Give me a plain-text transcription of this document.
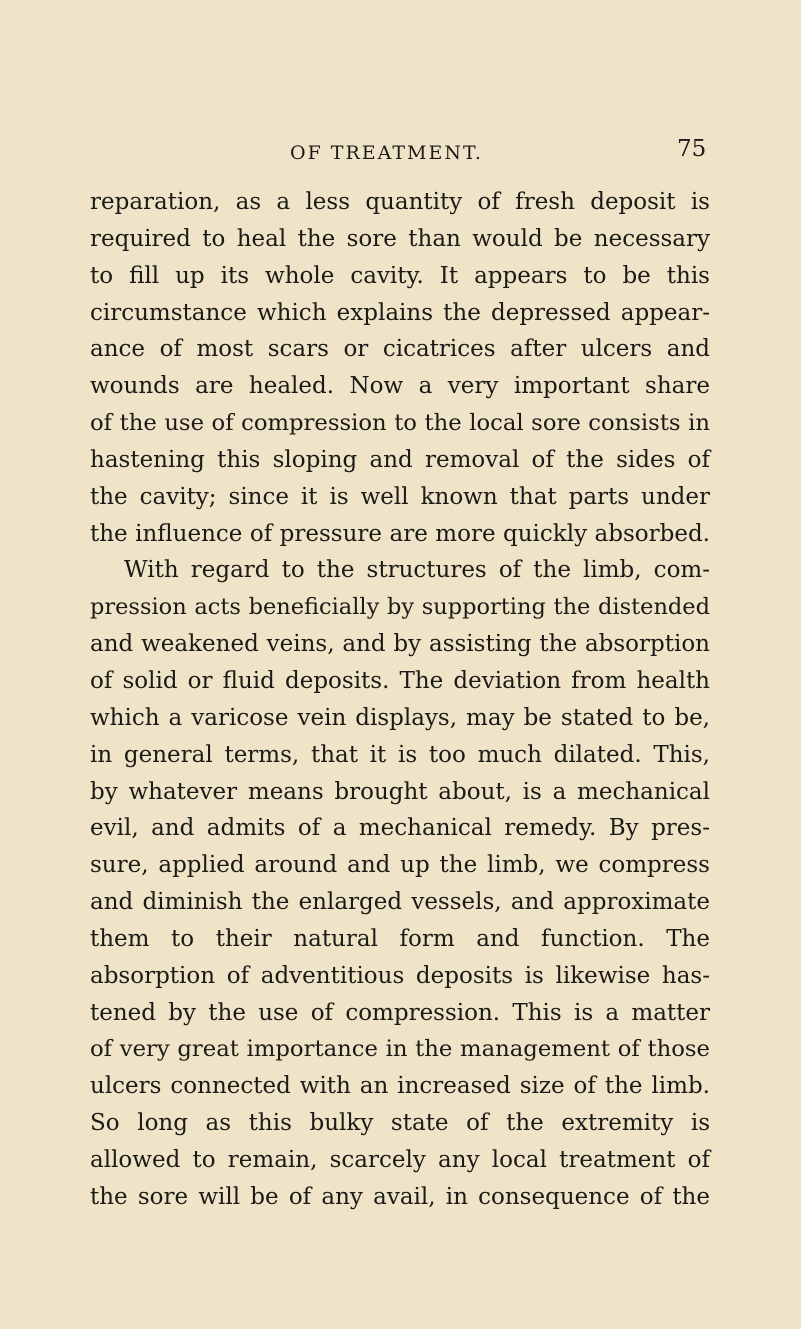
OF TREATMENT.	75
reparation, as a less quantity of fresh deposit is
required to heal the sore than would be necessary
to fill up its whole cavity. It appears to be this
circumstance which explains the depressed appear-
ance of most scars or cicatrices after ulcers and
wounds are healed. Now a very important share
of the use of compression to the local sore consists in
hastening this sloping and removal of the sides of
the cavity; since it is well known that parts under
the influence of pressure are more quickly absorbed.
With regard to the structures of the limb, com-
pression acts beneficially by supporting the distended
and weakened veins, and by assisting the absorption
of solid or fluid deposits. The deviation from health
which a varicose vein displays, may be stated to be,
in general terms, that it is too much dilated. This,
by whatever means brought about, is a mechanical
evil, and admits of a mechanical remedy. By pres-
sure, applied around and up the limb, we compress
and diminish the enlarged vessels, and approximate
them to their natural form and function. The
absorption of adventitious deposits is likewise has-
tened by the use of compression. This is a matter
of very great importance in the management of those
ulcers connected with an increased size of the limb.
So long as this bulky state of the extremity is
allowed to remain, scarcely any local treatment of
the sore will be of any avail, in consequence of the
